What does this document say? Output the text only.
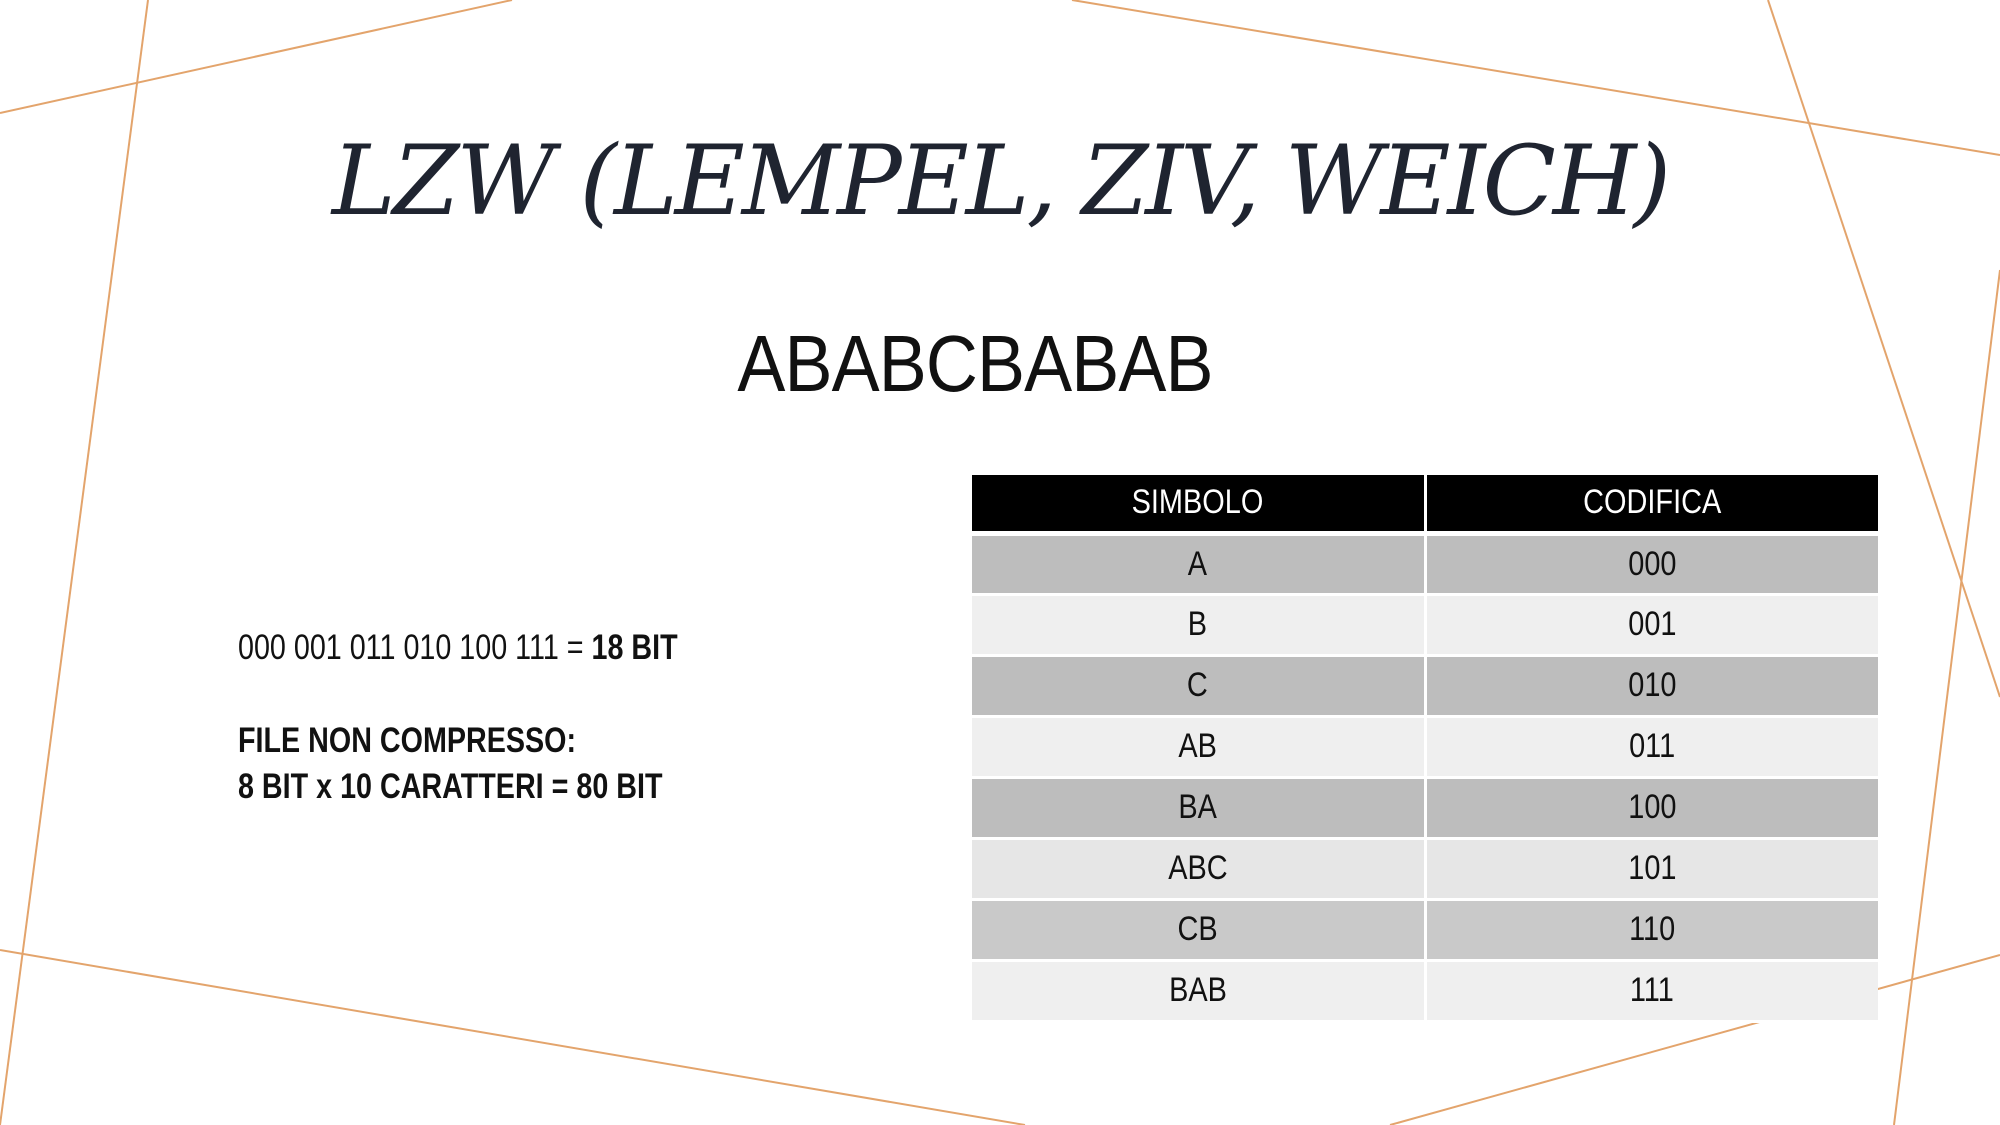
LZW (LEMPEL, ZIV, WEICH)
ABABCBABAB
000 001 011 010 100 111 = 18 BIT
FILE NON COMPRESSO:
8 BIT x 10 CARATTERI = 80 BIT
SIMBOLO	CODIFICA
A	000
B	001
C	010
AB	011
BA	100
ABC	101
CB	110
BAB	111
